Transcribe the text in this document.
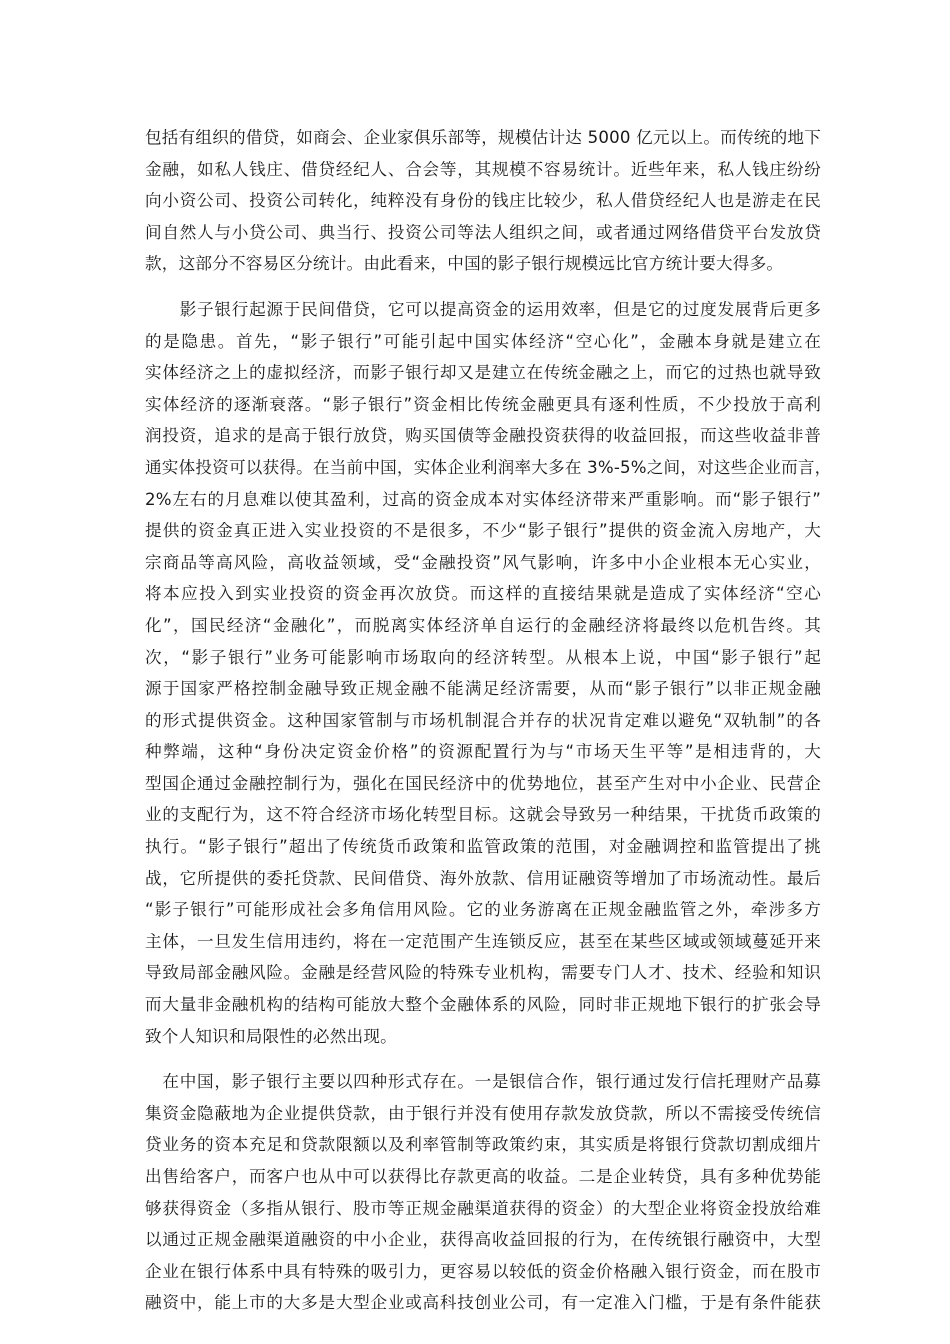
包括有组织的借贷，如商会、企业家俱乐部等，规模估计达 5000 亿元以上。而传统的地下
金融，如私人钱庄、借贷经纪人、合会等，其规模不容易统计。近些年来，私人钱庄纷纷
向小资公司、投资公司转化，纯粹没有身份的钱庄比较少，私人借贷经纪人也是游走在民
间自然人与小贷公司、典当行、投资公司等法人组织之间，或者通过网络借贷平台发放贷
款，这部分不容易区分统计。由此看来，中国的影子银行规模远比官方统计要大得多。
　　影子银行起源于民间借贷，它可以提高资金的运用效率，但是它的过度发展背后更多
的是隐患。首先，“影子银行”可能引起中国实体经济“空心化”，金融本身就是建立在
实体经济之上的虚拟经济，而影子银行却又是建立在传统金融之上，而它的过热也就导致
实体经济的逐渐衰落。“影子银行”资金相比传统金融更具有逐利性质，不少投放于高利
润投资，追求的是高于银行放贷，购买国债等金融投资获得的收益回报，而这些收益非普
通实体投资可以获得。在当前中国，实体企业利润率大多在 3%-5%之间，对这些企业而言，
2%左右的月息难以使其盈利，过高的资金成本对实体经济带来严重影响。而“影子银行”
提供的资金真正进入实业投资的不是很多，不少“影子银行”提供的资金流入房地产，大
宗商品等高风险，高收益领域，受“金融投资”风气影响，许多中小企业根本无心实业，
将本应投入到实业投资的资金再次放贷。而这样的直接结果就是造成了实体经济“空心
化”，国民经济“金融化”，而脱离实体经济单自运行的金融经济将最终以危机告终。其
次，“影子银行”业务可能影响市场取向的经济转型。从根本上说，中国“影子银行”起
源于国家严格控制金融导致正规金融不能满足经济需要，从而“影子银行”以非正规金融
的形式提供资金。这种国家管制与市场机制混合并存的状况肯定难以避免“双轨制”的各
种弊端，这种“身份决定资金价格”的资源配置行为与“市场天生平等”是相违背的，大
型国企通过金融控制行为，强化在国民经济中的优势地位，甚至产生对中小企业、民营企
业的支配行为，这不符合经济市场化转型目标。这就会导致另一种结果，干扰货币政策的
执行。“影子银行”超出了传统货币政策和监管政策的范围，对金融调控和监管提出了挑
战，它所提供的委托贷款、民间借贷、海外放款、信用证融资等增加了市场流动性。最后
“影子银行”可能形成社会多角信用风险。它的业务游离在正规金融监管之外，牵涉多方
主体，一旦发生信用违约，将在一定范围产生连锁反应，甚至在某些区域或领域蔓延开来
导致局部金融风险。金融是经营风险的特殊专业机构，需要专门人才、技术、经验和知识
而大量非金融机构的结构可能放大整个金融体系的风险，同时非正规地下银行的扩张会导
致个人知识和局限性的必然出现。
　在中国，影子银行主要以四种形式存在。一是银信合作，银行通过发行信托理财产品募
集资金隐蔽地为企业提供贷款，由于银行并没有使用存款发放贷款，所以不需接受传统信
贷业务的资本充足和贷款限额以及利率管制等政策约束，其实质是将银行贷款切割成细片
出售给客户，而客户也从中可以获得比存款更高的收益。二是企业转贷，具有多种优势能
够获得资金（多指从银行、股市等正规金融渠道获得的资金）的大型企业将资金投放给难
以通过正规金融渠道融资的中小企业，获得高收益回报的行为，在传统银行融资中，大型
企业在银行体系中具有特殊的吸引力，更容易以较低的资金价格融入银行资金，而在股市
融资中，能上市的大多是大型企业或高科技创业公司，有一定准入门槛，于是有条件能获
